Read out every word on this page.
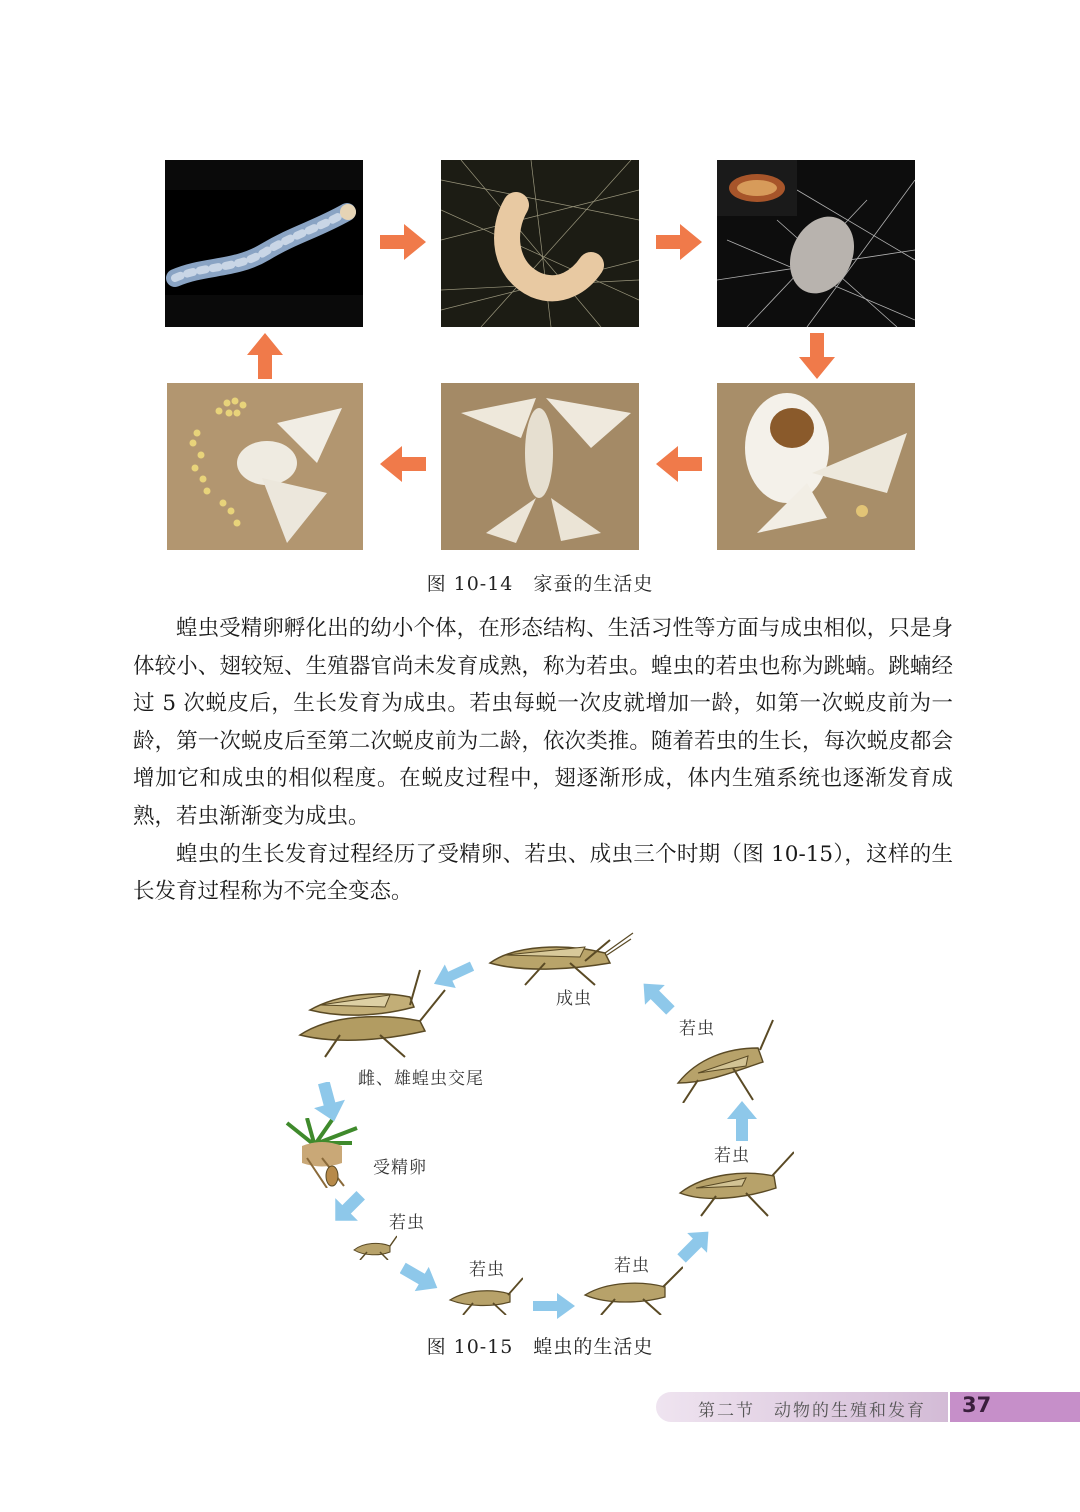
图 10-14　家蚕的生活史

蝗虫受精卵孵化出的幼小个体，在形态结构、生活习性等方面与成虫相似，只是身体较小、翅较短、生殖器官尚未发育成熟，称为若虫。蝗虫的若虫也称为跳蝻。跳蝻经过 5 次蜕皮后，生长发育为成虫。若虫每蜕一次皮就增加一龄，如第一次蜕皮前为一龄，第一次蜕皮后至第二次蜕皮前为二龄，依次类推。随着若虫的生长，每次蜕皮都会增加它和成虫的相似程度。在蜕皮过程中，翅逐渐形成，体内生殖系统也逐渐发育成熟，若虫渐渐变为成虫。

蝗虫的生长发育过程经历了受精卵、若虫、成虫三个时期（图 10-15），这样的生长发育过程称为不完全变态。

成虫
雌、雄蝗虫交尾
受精卵
若虫
若虫	若虫
若虫
若虫
图 10-15　蝗虫的生活史
第二节　动物的生殖和发育 37
